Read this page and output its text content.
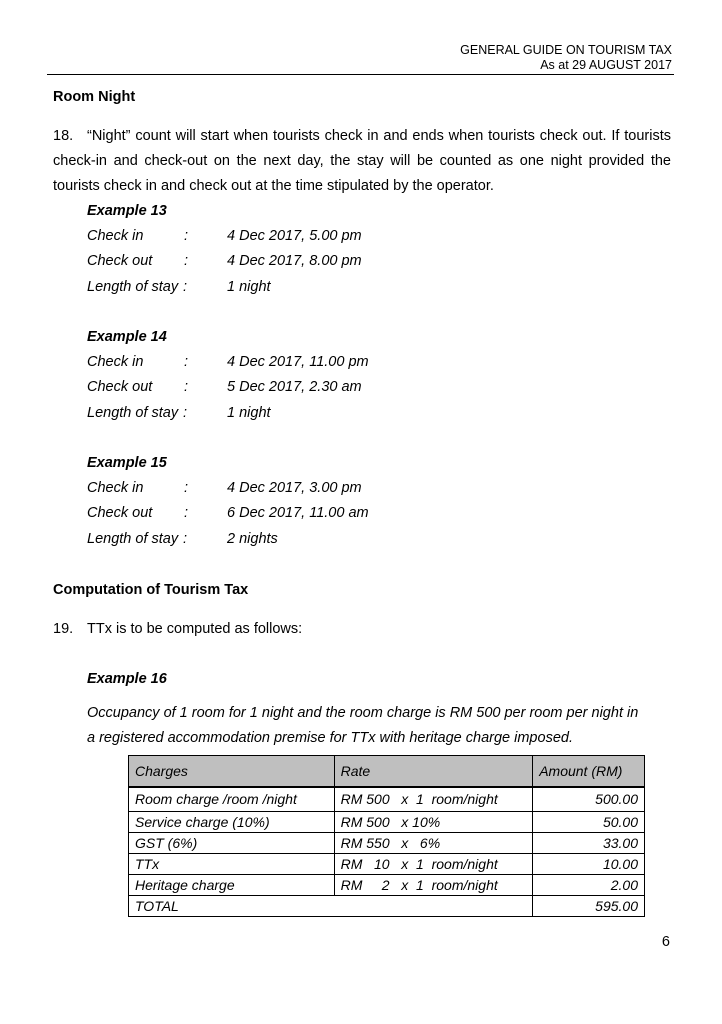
GENERAL GUIDE ON TOURISM TAX
As at 29 AUGUST 2017
Room Night
18. “Night” count will start when tourists check in and ends when tourists check out. If tourists check-in and check-out on the next day, the stay will be counted as one night provided the tourists check in and check out at the time stipulated by the operator.
Example 13
Check in	:	4 Dec 2017, 5.00 pm
Check out :	4 Dec 2017, 8.00 pm
Length of stay :	1 night
Example 14
Check in	:	4 Dec 2017, 11.00 pm
Check out :	5 Dec 2017, 2.30 am
Length of stay :	1 night
Example 15
Check in	:	4 Dec 2017, 3.00 pm
Check out :	6 Dec 2017, 11.00 am
Length of stay :	2 nights
Computation of Tourism Tax
19. TTx is to be computed as follows:
Example 16
Occupancy of 1 room for 1 night and the room charge is RM 500 per room per night in a registered accommodation premise for TTx with heritage charge imposed.
Charges	Rate	Amount (RM)
Room charge /room /night	RM 500   x  1  room/night	500.00
Service charge (10%)	RM 500   x 10%	50.00
GST (6%)	RM 550   x   6%	33.00
TTx	RM   10   x  1  room/night	10.00
Heritage charge	RM     2   x  1  room/night	2.00
TOTAL		595.00
6
